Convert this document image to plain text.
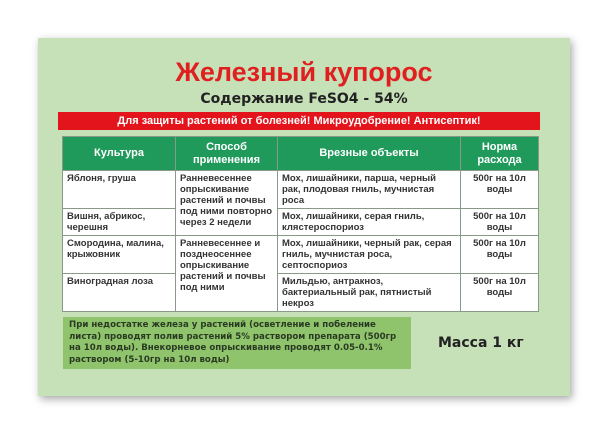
Железный купорос
Содержание FeSO4 - 54%
Для защиты растений от болезней! Микроудобрение! Антисептик!
Культура	Способ применения	Врезные объекты	Норма расхода
Яблоня, груша	Ранневесеннее опрыскивание растений и почвы под ними повторно через 2 недели	Мох, лишайники, парша, черный рак, плодовая гниль, мучнистая роса	500г на 10л воды
Вишня, абрикос, черешня		Мох, лишайники, серая гниль, клястероспориоз	500г на 10л воды
Смородина, малина, крыжовник	Ранневесеннее и позднеосеннее опрыскивание растений и почвы под ними	Мох, лишайники, черный рак, серая гниль, мучнистая роса, септоспориоз	500г на 10л воды
Виноградная лоза		Мильдью, антракноз, бактериальный рак, пятнистый некроз	500г на 10л воды
При недостатке железа у растений (осветление и побеление листа) проводят полив растений 5% раствором препарата (500гр на 10л воды). Внекорневое опрыскивание проводят 0.05-0.1% раствором (5-10гр на 10л воды)
Масса 1 кг
